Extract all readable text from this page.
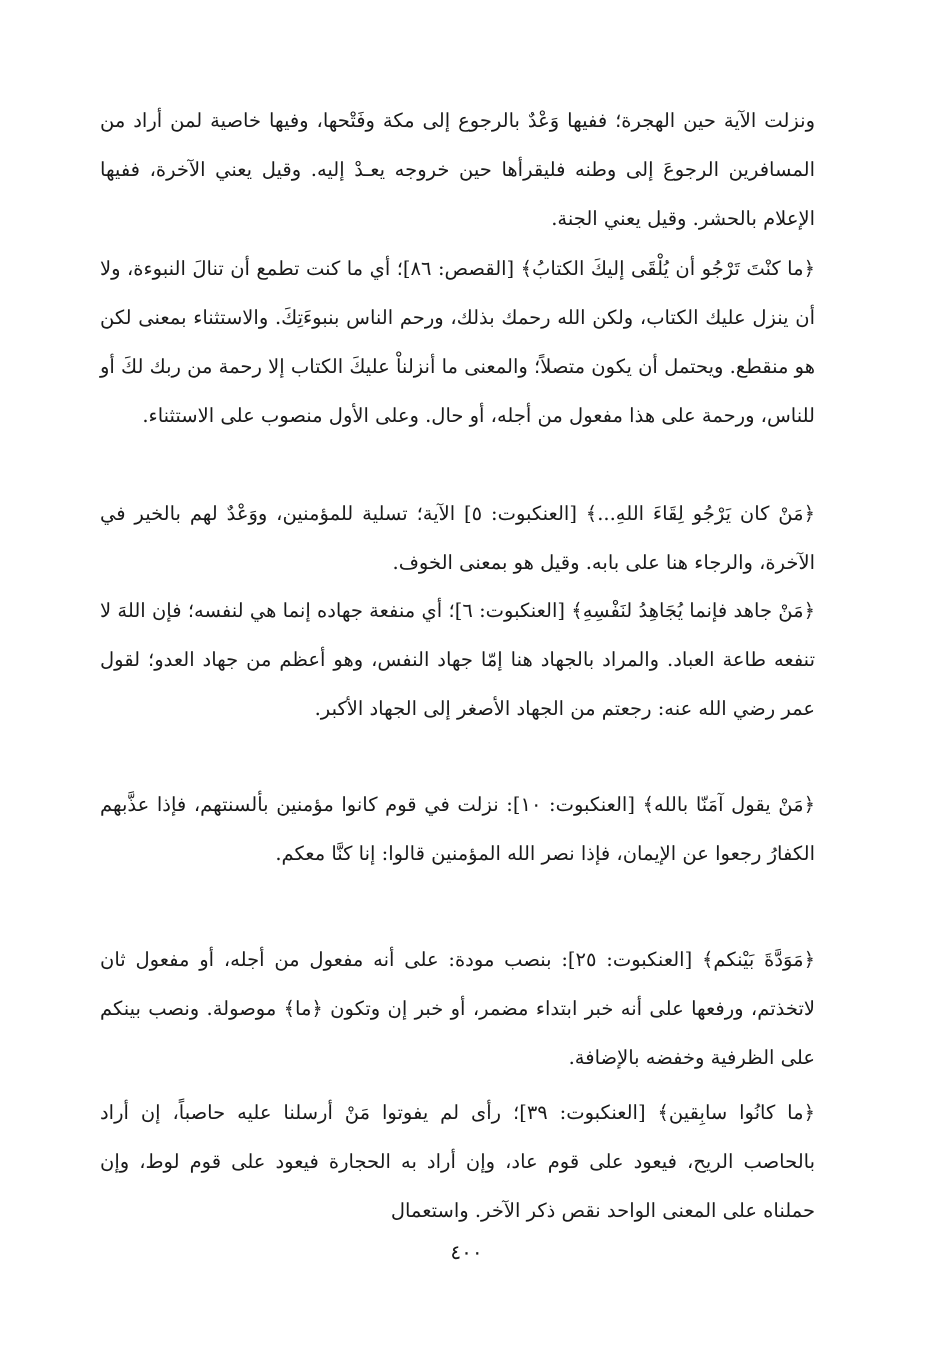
ونزلت الآية حين الهجرة؛ ففيها وَعْدٌ بالرجوع إلى مكة وفَتْحها، وفيها خاصية لمن أراد من المسافرين الرجوعَ إلى وطنه فليقرأها حين خروجه يعـدْ إليه. وقيل يعني الآخرة، ففيها الإعلام بالحشر. وقيل يعني الجنة.

﴿ما كنْتَ تَرْجُو أن يُلْقَى إليكَ الكتابُ﴾ [القصص: ٨٦]؛ أي ما كنت تطمع أن تنالَ النبوءة، ولا أن ينزل عليك الكتاب، ولكن الله رحمك بذلك، ورحم الناس بنبوءَتِكَ. والاستثناء بمعنى لكن هو منقطع. ويحتمل أن يكون متصلاً؛ والمعنى ما أنزلناْ عليكَ الكتاب إلا رحمة من ربك لكَ أو للناس، ورحمة على هذا مفعول من أجله، أو حال. وعلى الأول منصوب على الاستثناء.

﴿مَنْ كان يَرْجُو لِقَاءَ اللهِ...﴾ [العنكبوت: ٥] الآية؛ تسلية للمؤمنين، ووَعْدٌ لهم بالخير في الآخرة، والرجاء هنا على بابه. وقيل هو بمعنى الخوف.

﴿مَنْ جاهد فإنما يُجَاهِدُ لنَفْسِهِ﴾ [العنكبوت: ٦]؛ أي منفعة جهاده إنما هي لنفسه؛ فإن اللهَ لا تنفعه طاعة العباد. والمراد بالجهاد هنا إمّا جهاد النفس، وهو أعظم من جهاد العدو؛ لقول عمر رضي الله عنه: رجعتم من الجهاد الأصغر إلى الجهاد الأكبر.

﴿مَنْ يقول آمَنّا بالله﴾ [العنكبوت: ١٠]: نزلت في قوم كانوا مؤمنين بألسنتهم، فإذا عذَّبهم الكفارُ رجعوا عن الإيمان، فإذا نصر الله المؤمنين قالوا: إنا كنَّا معكم.

﴿مَوَدَّةَ بَيْنكم﴾ [العنكبوت: ٢٥]: بنصب مودة: على أنه مفعول من أجله، أو مفعول ثان لاتخذتم، ورفعها على أنه خبر ابتداء مضمر، أو خبر إن وتكون ﴿ما﴾ موصولة. ونصب بينكم على الظرفية وخفضه بالإضافة.

﴿ما كانُوا سابِقين﴾ [العنكبوت: ٣٩]؛ رأى لم يفوتوا مَنْ أرسلنا عليه حاصباً، إن أراد بالحاصب الريح، فيعود على قوم عاد، وإن أراد به الحجارة فيعود على قوم لوط، وإن حملناه على المعنى الواحد نقص ذكر الآخر. واستعمال

٤٠٠
